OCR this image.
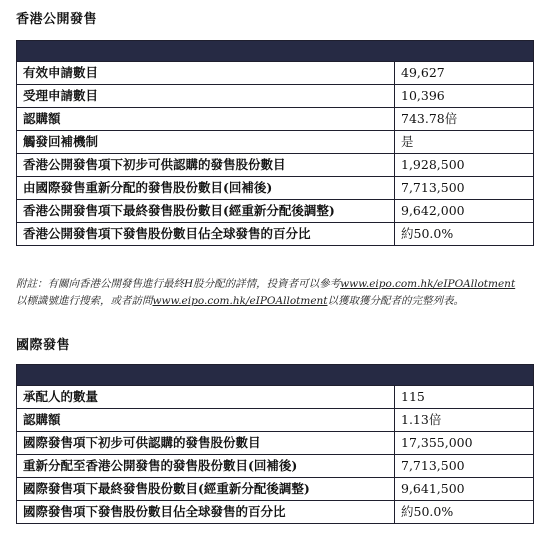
香港公開發售
有效申請數目	49,627
受理申請數目	10,396
認購額	743.78倍
觸發回補機制	是
香港公開發售項下初步可供認購的發售股份數目	1,928,500
由國際發售重新分配的發售股份數目(回補後)	7,713,500
香港公開發售項下最終發售股份數目(經重新分配後調整)	9,642,000
香港公開發售項下發售股份數目佔全球發售的百分比	約50.0%
附註：有關向香港公開發售進行最終H股分配的詳情，投資者可以參考www.eipo.com.hk/eIPOAllotment
以標識號進行搜索，或者訪問www.eipo.com.hk/eIPOAllotment以獲取獲分配者的完整列表。
國際發售
承配人的數量	115
認購額	1.13倍
國際發售項下初步可供認購的發售股份數目	17,355,000
重新分配至香港公開發售的發售股份數目(回補後)	7,713,500
國際發售項下最終發售股份數目(經重新分配後調整)	9,641,500
國際發售項下發售股份數目佔全球發售的百分比	約50.0%
